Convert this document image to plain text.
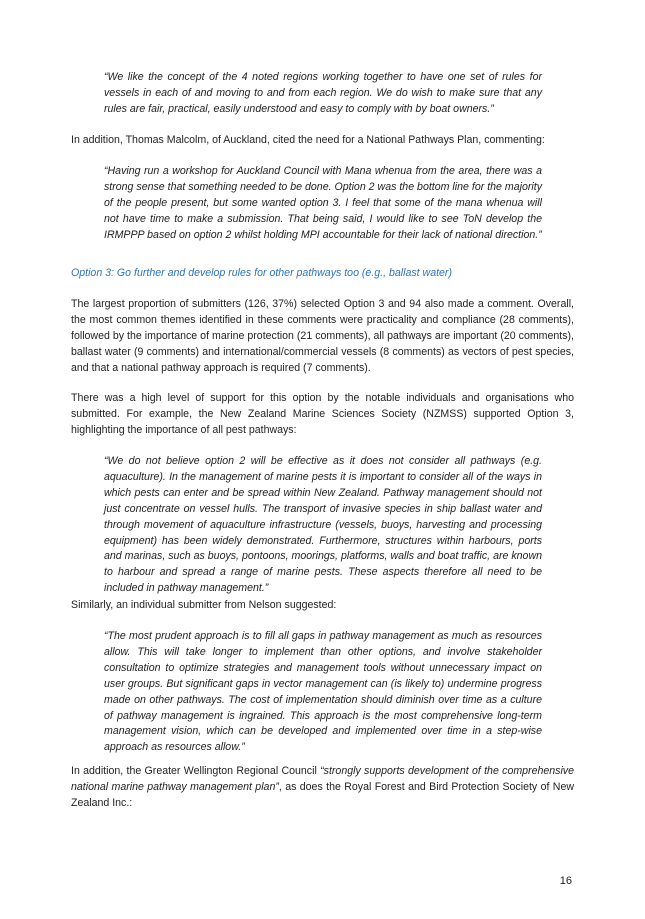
“We like the concept of the 4 noted regions working together to have one set of rules for vessels in each of and moving to and from each region. We do wish to make sure that any rules are fair, practical, easily understood and easy to comply with by boat owners.”

In addition, Thomas Malcolm, of Auckland, cited the need for a National Pathways Plan, commenting:

“Having run a workshop for Auckland Council with Mana whenua from the area, there was a strong sense that something needed to be done. Option 2 was the bottom line for the majority of the people present, but some wanted option 3. I feel that some of the mana whenua will not have time to make a submission. That being said, I would like to see ToN develop the IRMPPP based on option 2 whilst holding MPI accountable for their lack of national direction.”

Option 3: Go further and develop rules for other pathways too (e.g., ballast water)

The largest proportion of submitters (126, 37%) selected Option 3 and 94 also made a comment. Overall, the most common themes identified in these comments were practicality and compliance (28 comments), followed by the importance of marine protection (21 comments), all pathways are important (20 comments), ballast water (9 comments) and international/commercial vessels (8 comments) as vectors of pest species, and that a national pathway approach is required (7 comments).

There was a high level of support for this option by the notable individuals and organisations who submitted. For example, the New Zealand Marine Sciences Society (NZMSS) supported Option 3, highlighting the importance of all pest pathways:

“We do not believe option 2 will be effective as it does not consider all pathways (e.g. aquaculture). In the management of marine pests it is important to consider all of the ways in which pests can enter and be spread within New Zealand. Pathway management should not just concentrate on vessel hulls. The transport of invasive species in ship ballast water and through movement of aquaculture infrastructure (vessels, buoys, harvesting and processing equipment) has been widely demonstrated. Furthermore, structures within harbours, ports and marinas, such as buoys, pontoons, moorings, platforms, walls and boat traffic, are known to harbour and spread a range of marine pests. These aspects therefore all need to be included in pathway management.”

Similarly, an individual submitter from Nelson suggested:

“The most prudent approach is to fill all gaps in pathway management as much as resources allow. This will take longer to implement than other options, and involve stakeholder consultation to optimize strategies and management tools without unnecessary impact on user groups. But significant gaps in vector management can (is likely to) undermine progress made on other pathways. The cost of implementation should diminish over time as a culture of pathway management is ingrained. This approach is the most comprehensive long-term management vision, which can be developed and implemented over time in a step-wise approach as resources allow.”

In addition, the Greater Wellington Regional Council “strongly supports development of the comprehensive national marine pathway management plan”, as does the Royal Forest and Bird Protection Society of New Zealand Inc.:

16
